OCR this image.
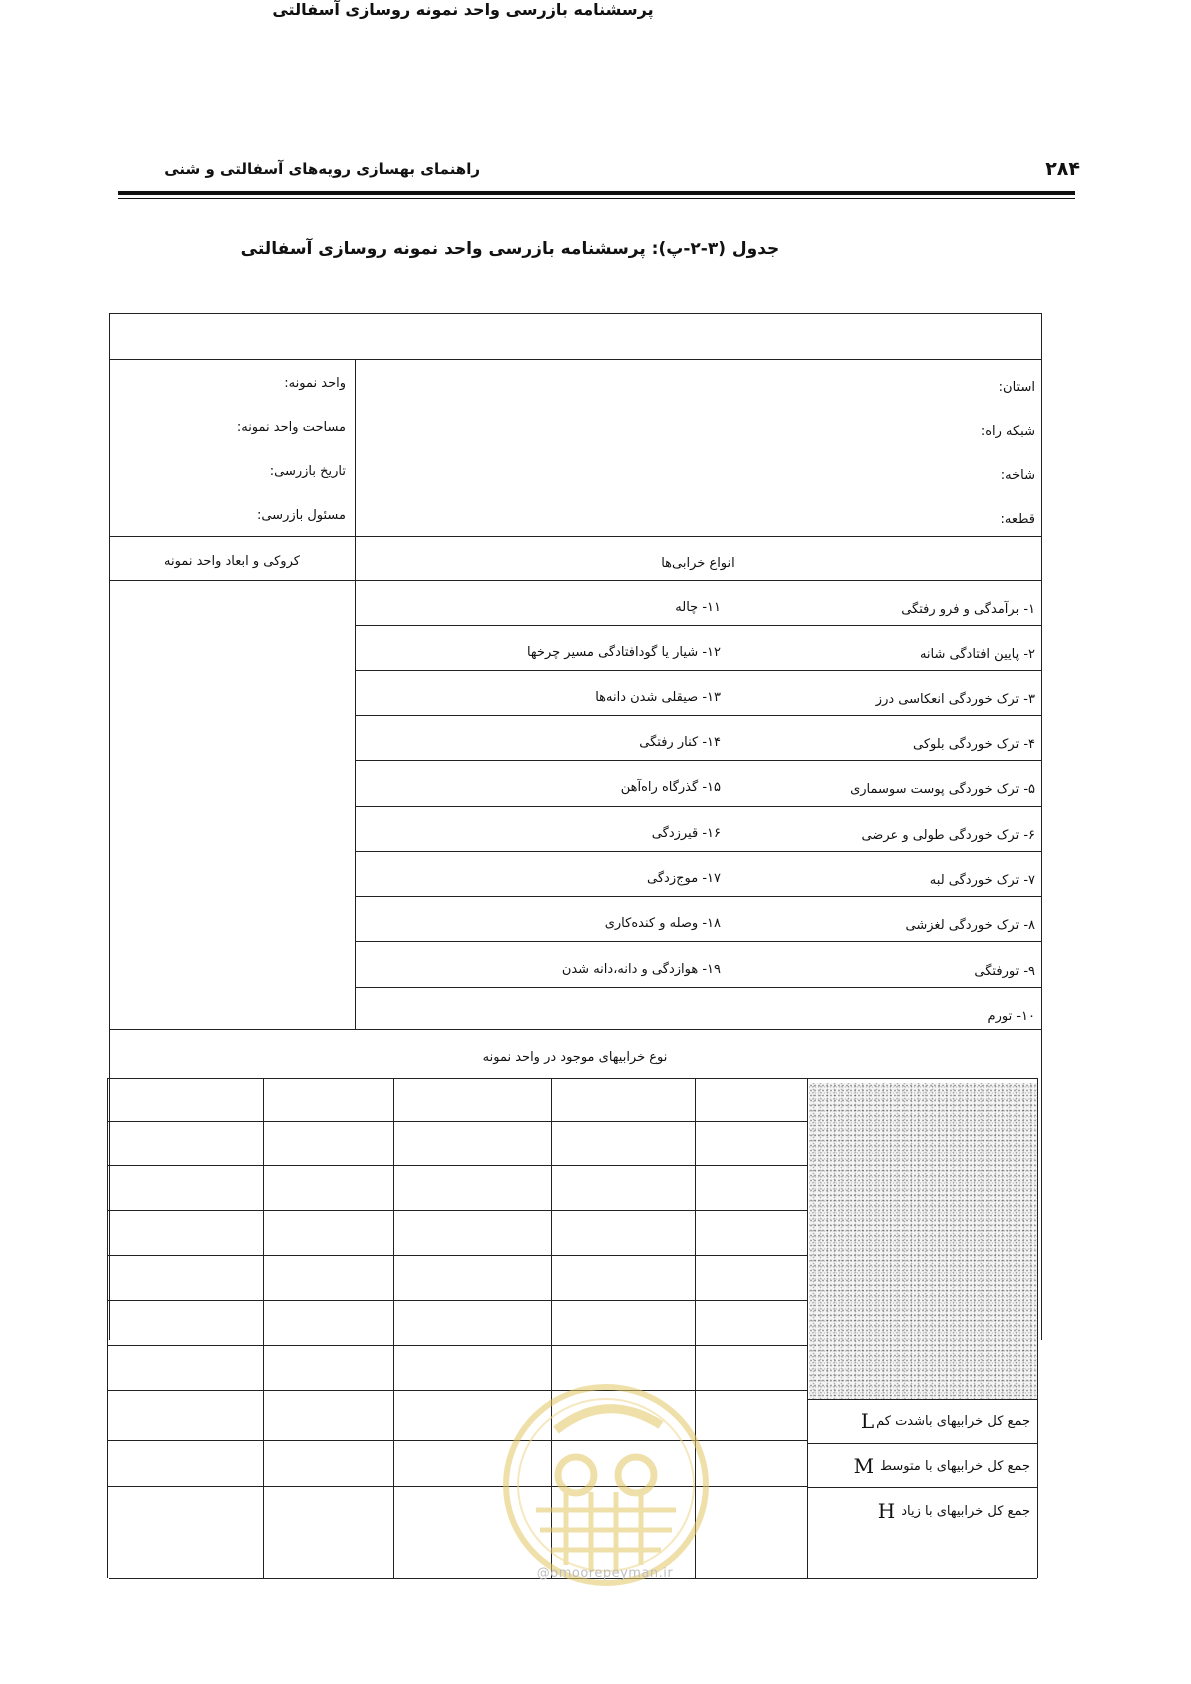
راهنمای بهسازی رویه‌های آسفالتی و شنی	۲۸۴
جدول (۳-۲-پ): پرسشنامه بازرسی واحد نمونه روسازی آسفالتی
پرسشنامه بازرسی واحد نمونه روسازی آسفالتی
استان:
شبکه راه:
شاخه:
قطعه:
واحد نمونه:
مساحت واحد نمونه:
تاریخ بازرسی:
مسئول بازرسی:
انواع خرابی‌ها
کروکی و ابعاد واحد نمونه
۱- برآمدگی و فرو رفتگی
۱۱- چاله
۲- پایین افتادگی شانه
۱۲- شیار یا گودافتادگی مسیر چرخها
۳- ترک خوردگی انعکاسی درز
۱۳- صیقلی شدن دانه‌ها
۴- ترک خوردگی بلوکی
۱۴- کنار رفتگی
۵- ترک خوردگی پوست سوسماری
۱۵- گذرگاه راه‌آهن
۶- ترک خوردگی طولی و عرضی
۱۶- قیرزدگی
۷- ترک خوردگی لبه
۱۷- موج‌زدگی
۸- ترک خوردگی لغزشی
۱۸- وصله و کنده‌کاری
۹- تورفتگی
۱۹- هوازدگی و دانه،دانه شدن
۱۰- تورم
نوع خرابیهای موجود در واحد نمونه
جمع کل خرابیهای باشدت کم
L
جمع کل خرابیهای با متوسط
M
جمع کل خرابیهای با زیاد
H
@omoorepeyman.ir
